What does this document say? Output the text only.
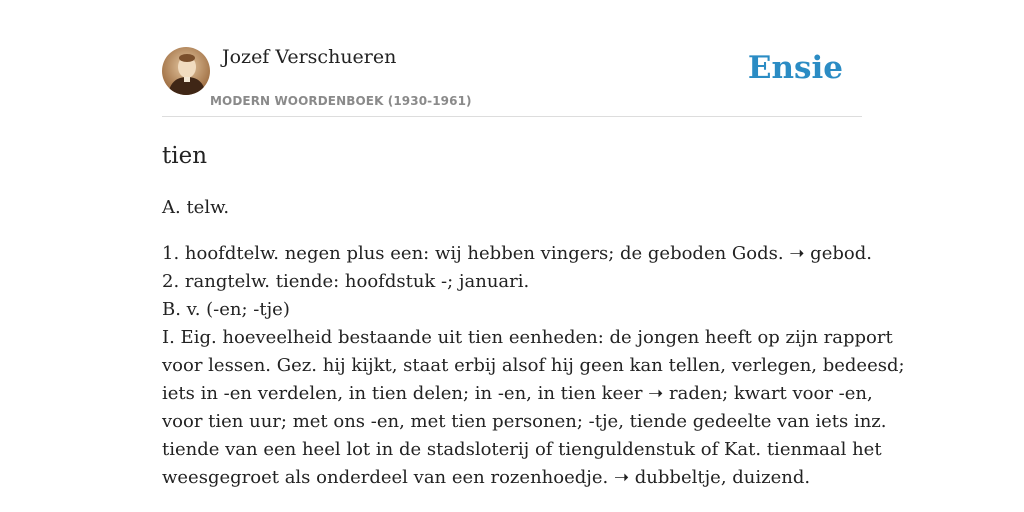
Jozef Verschueren
MODERN WOORDENBOEK (1930-1961)
Ensie
tien
A. telw.
1. hoofdtelw. negen plus een: wij hebben vingers; de geboden Gods. ➝ gebod.
2. rangtelw. tiende: hoofdstuk -; januari.
B. v. (-en; -tje)
I. Eig. hoeveelheid bestaande uit tien eenheden: de jongen heeft op zijn rapport
voor lessen. Gez. hij kijkt, staat erbij alsof hij geen kan tellen, verlegen, bedeesd;
iets in -en verdelen, in tien delen; in -en, in tien keer ➝ raden; kwart voor -en,
voor tien uur; met ons -en, met tien personen; -tje, tiende gedeelte van iets inz.
tiende van een heel lot in de stadsloterij of tienguldenstuk of Kat. tienmaal het
weesgegroet als onderdeel van een rozenhoedje. ➝ dubbeltje, duizend.
